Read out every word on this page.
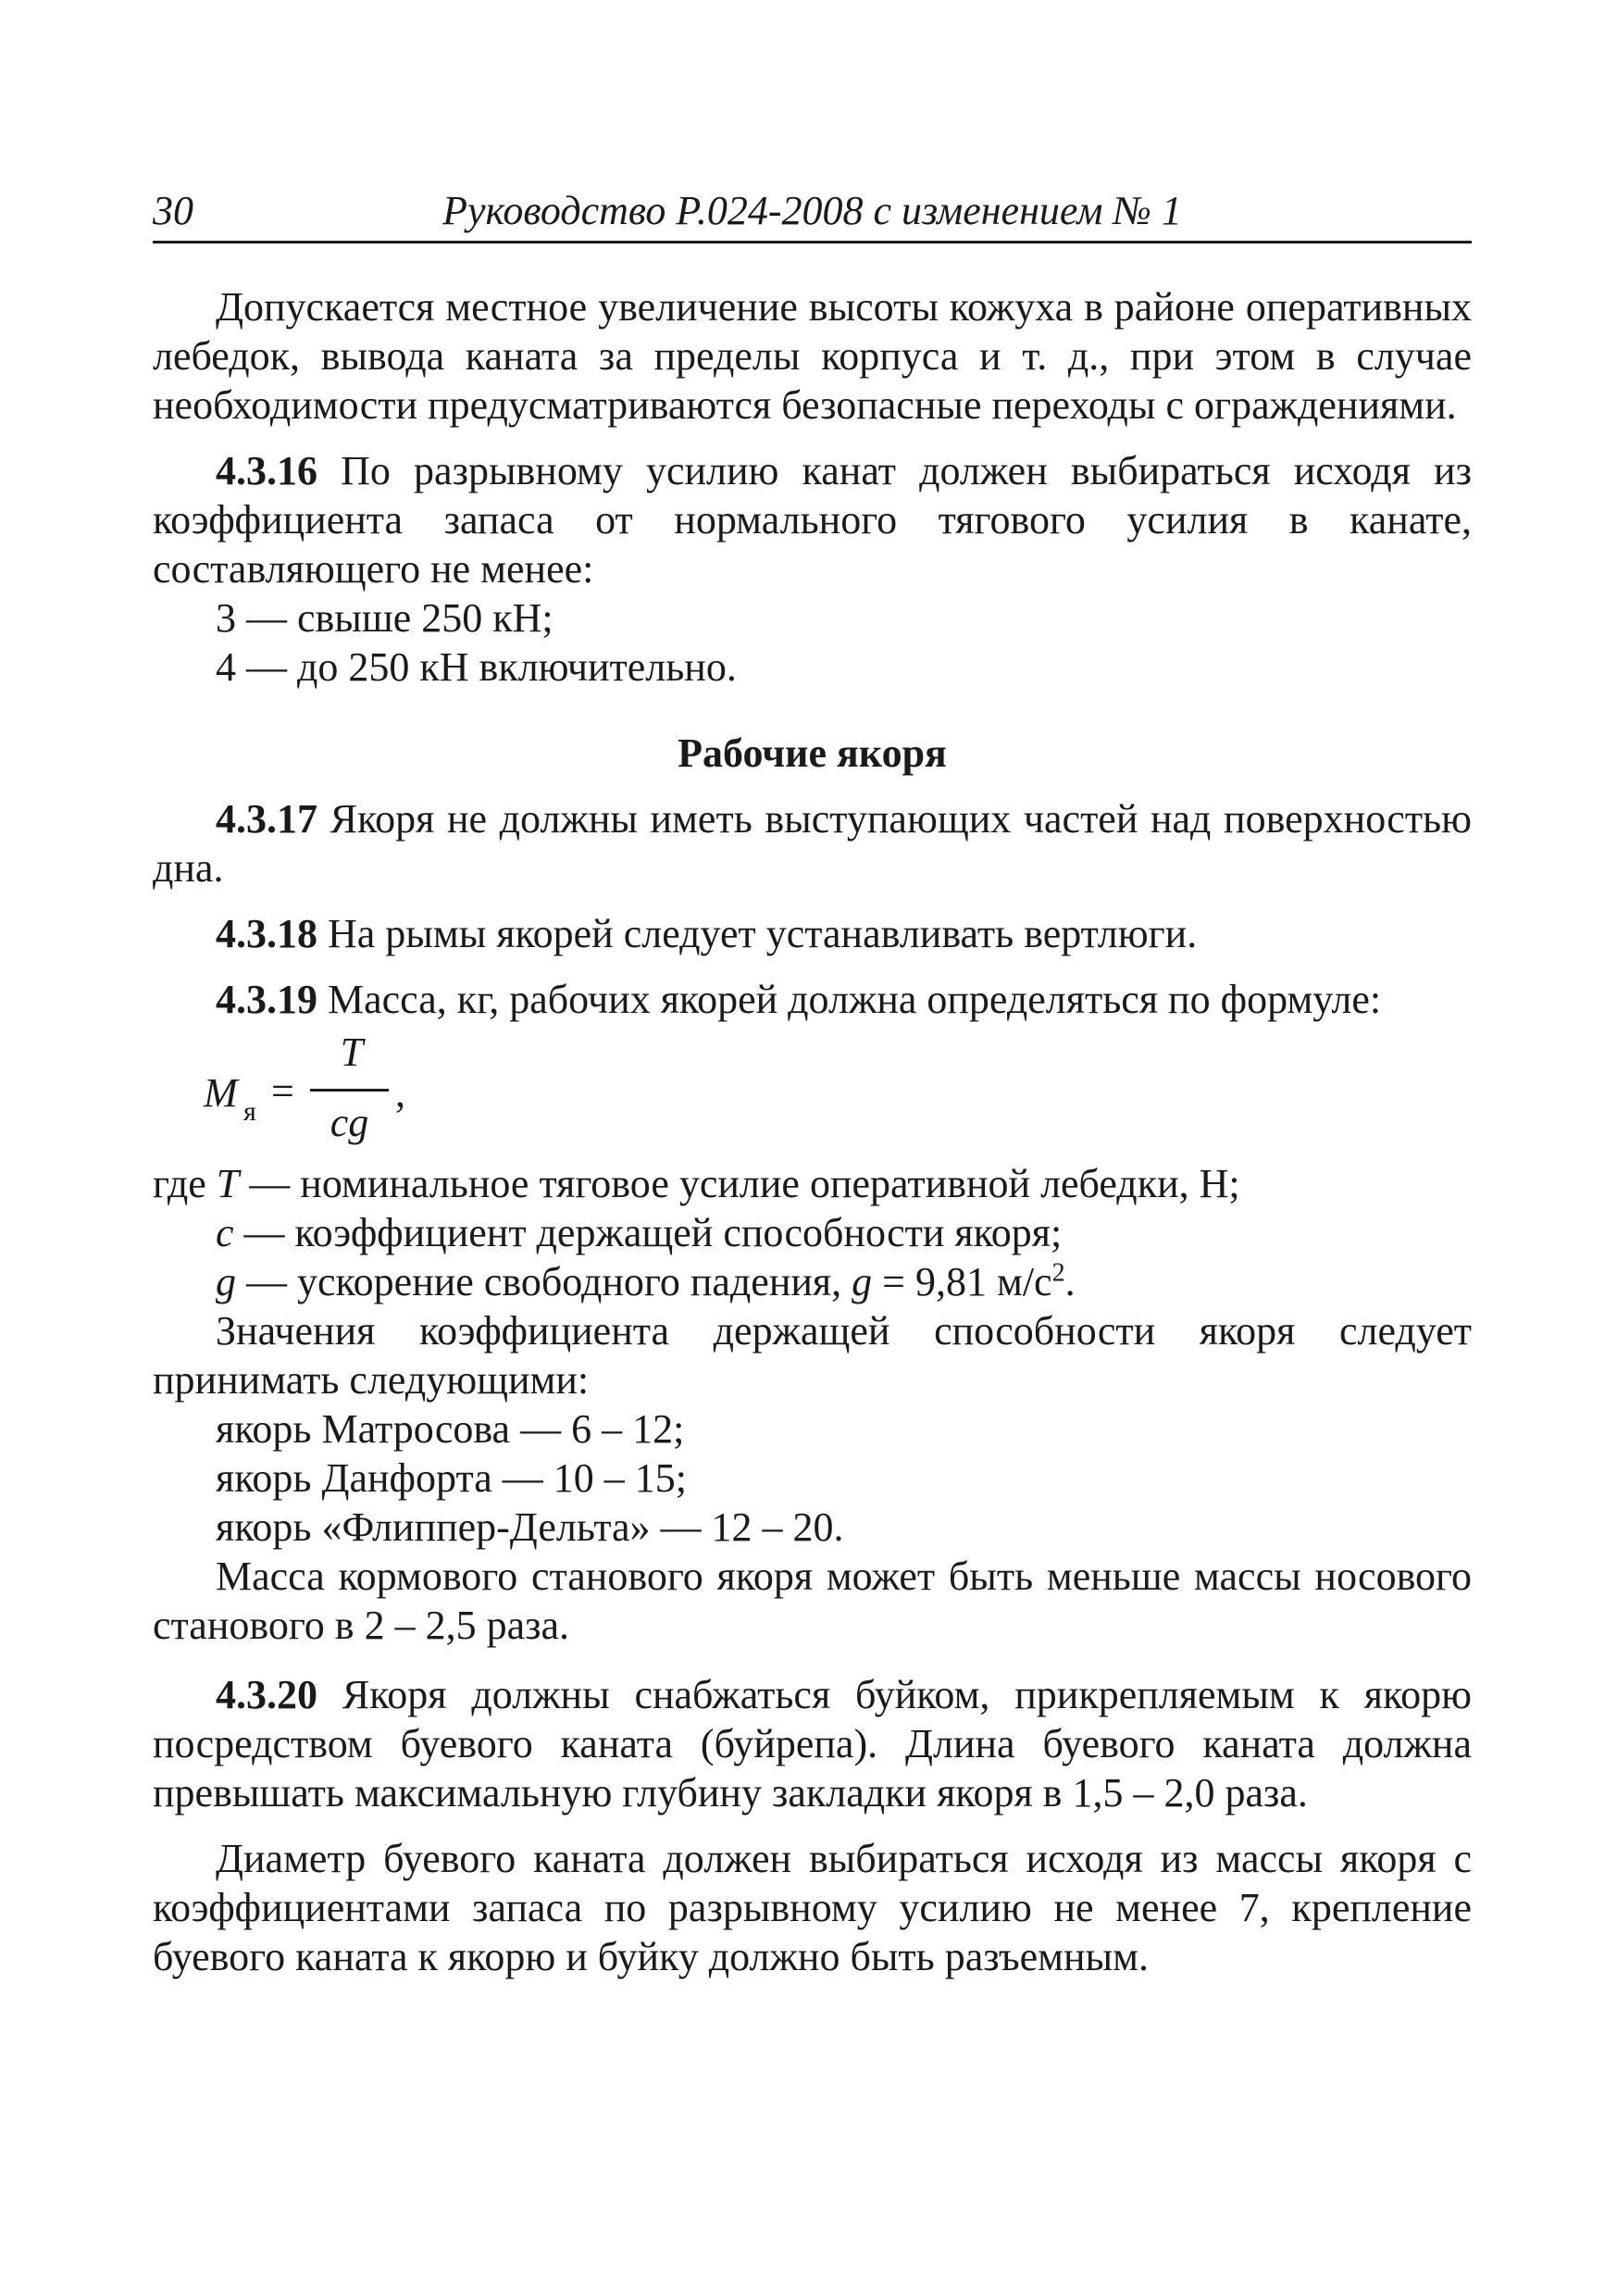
30	Руководство Р.024-2008 с изменением № 1

Допускается местное увеличение высоты кожуха в районе оперативных лебедок, вывода каната за пределы корпуса и т. д., при этом в случае необходимости предусматриваются безопасные переходы с ограждениями.

4.3.16 По разрывному усилию канат должен выбираться исходя из коэффициента запаса от нормального тягового усилия в канате, составляющего не менее:

3 — свыше 250 кН;

4 — до 250 кН включительно.

Рабочие якоря

4.3.17 Якоря не должны иметь выступающих частей над поверхностью дна.

4.3.18 На рымы якорей следует устанавливать вертлюги.

4.3.19 Масса, кг, рабочих якорей должна определяться по формуле:

M я =
T
cg
,

где T — номинальное тяговое усилие оперативной лебедки, Н;

c — коэффициент держащей способности якоря;

g — ускорение свободного падения, g = 9,81 $м/с^2$.

Значения коэффициента держащей способности якоря следует принимать следующими:

якорь Матросова — 6 – 12;

якорь Данфорта — 10 – 15;

якорь «Флиппер-Дельта» — 12 – 20.

Масса кормового станового якоря может быть меньше массы носового станового в 2 – 2,5 раза.

4.3.20 Якоря должны снабжаться буйком, прикрепляемым к якорю посредством буевого каната (буйрепа). Длина буевого каната должна превышать максимальную глубину закладки якоря в 1,5 – 2,0 раза.

Диаметр буевого каната должен выбираться исходя из массы якоря с коэффициентами запаса по разрывному усилию не менее 7, крепление буевого каната к якорю и буйку должно быть разъемным.
